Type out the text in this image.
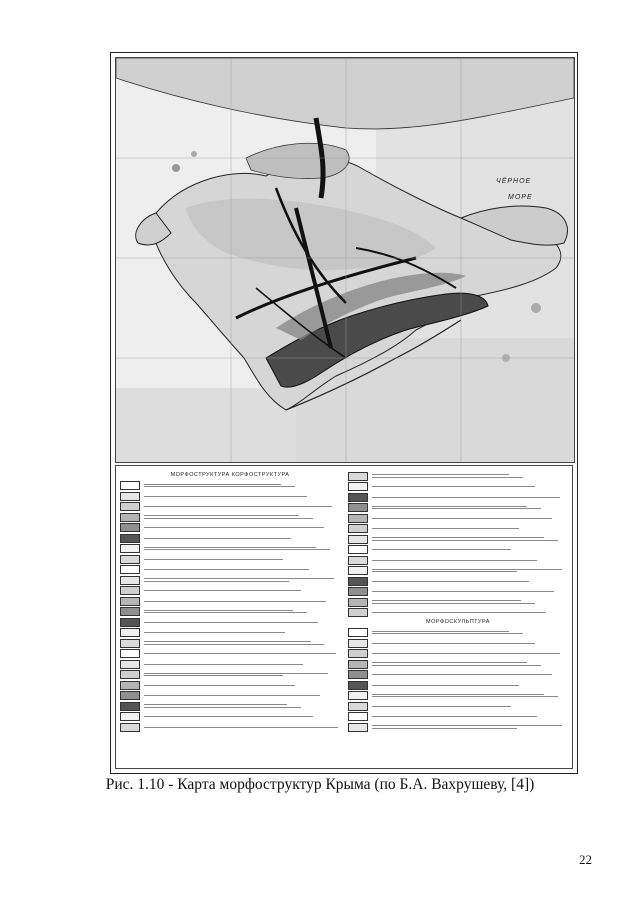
ЧЁРНОЕ
МОРЕ
МОРФОСТРУКТУРА КОРФОСТРУКТУРА
МОРФОСКУЛЬПТУРА
Рис. 1.10 - Карта морфоструктур Крыма (по Б.А. Вахрушеву, [4])
22
